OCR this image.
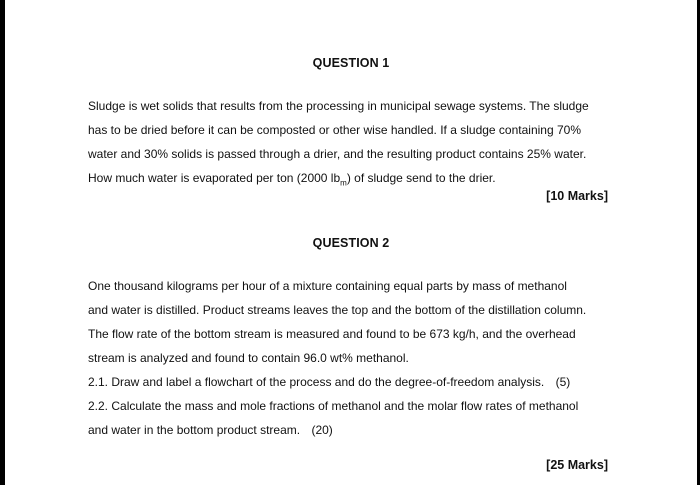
QUESTION 1
Sludge is wet solids that results from the processing in municipal sewage systems. The sludge
has to be dried before it can be composted or other wise handled. If a sludge containing 70%
water and 30% solids is passed through a drier, and the resulting product contains 25% water.
How much water is evaporated per ton (2000 $lb_m$) of sludge send to the drier.
[10 Marks]
QUESTION 2
One thousand kilograms per hour of a mixture containing equal parts by mass of methanol
and water is distilled. Product streams leaves the top and the bottom of the distillation column.
The flow rate of the bottom stream is measured and found to be 673 kg/h, and the overhead
stream is analyzed and found to contain 96.0 wt% methanol.
2.1. Draw and label a flowchart of the process and do the degree-of-freedom analysis. (5)
2.2. Calculate the mass and mole fractions of methanol and the molar flow rates of methanol
and water in the bottom product stream. (20)
[25 Marks]
